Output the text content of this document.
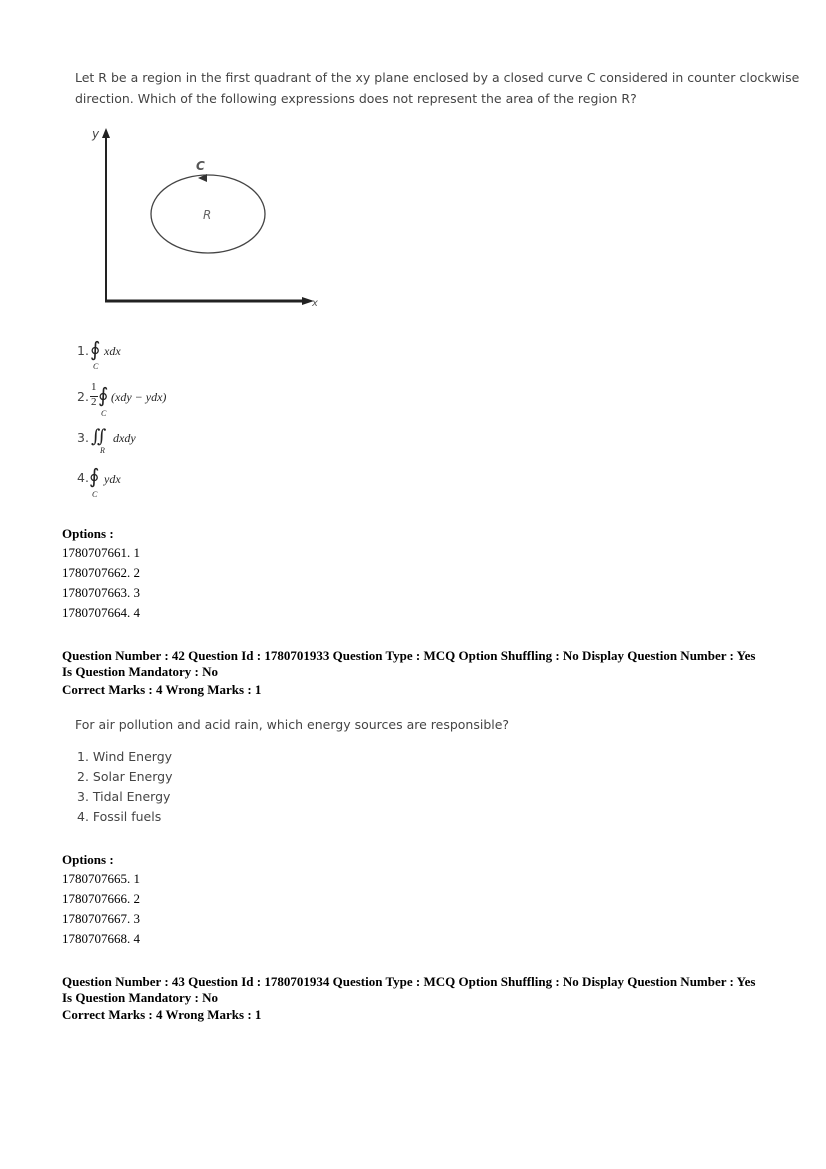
Let R be a region in the first quadrant of the xy plane enclosed by a closed curve C considered in counter clockwise
direction. Which of the following expressions does not represent the area of the region R?
y
x
C
R
1. ∮
C
xdx
2.
1
2 ∮
C
(xdy − ydx)
3. ∬
R
dxdy
4. ∮
C
ydx
Options :
1780707661. 1
1780707662. 2
1780707663. 3
1780707664. 4
Question Number : 42 Question Id : 1780701933 Question Type : MCQ Option Shuffling : No Display Question Number : Yes
Is Question Mandatory : No
Correct Marks : 4 Wrong Marks : 1
For air pollution and acid rain, which energy sources are responsible?
1. Wind Energy
2. Solar Energy
3. Tidal Energy
4. Fossil fuels
Options :
1780707665. 1
1780707666. 2
1780707667. 3
1780707668. 4
Question Number : 43 Question Id : 1780701934 Question Type : MCQ Option Shuffling : No Display Question Number : Yes
Is Question Mandatory : No
Correct Marks : 4 Wrong Marks : 1
